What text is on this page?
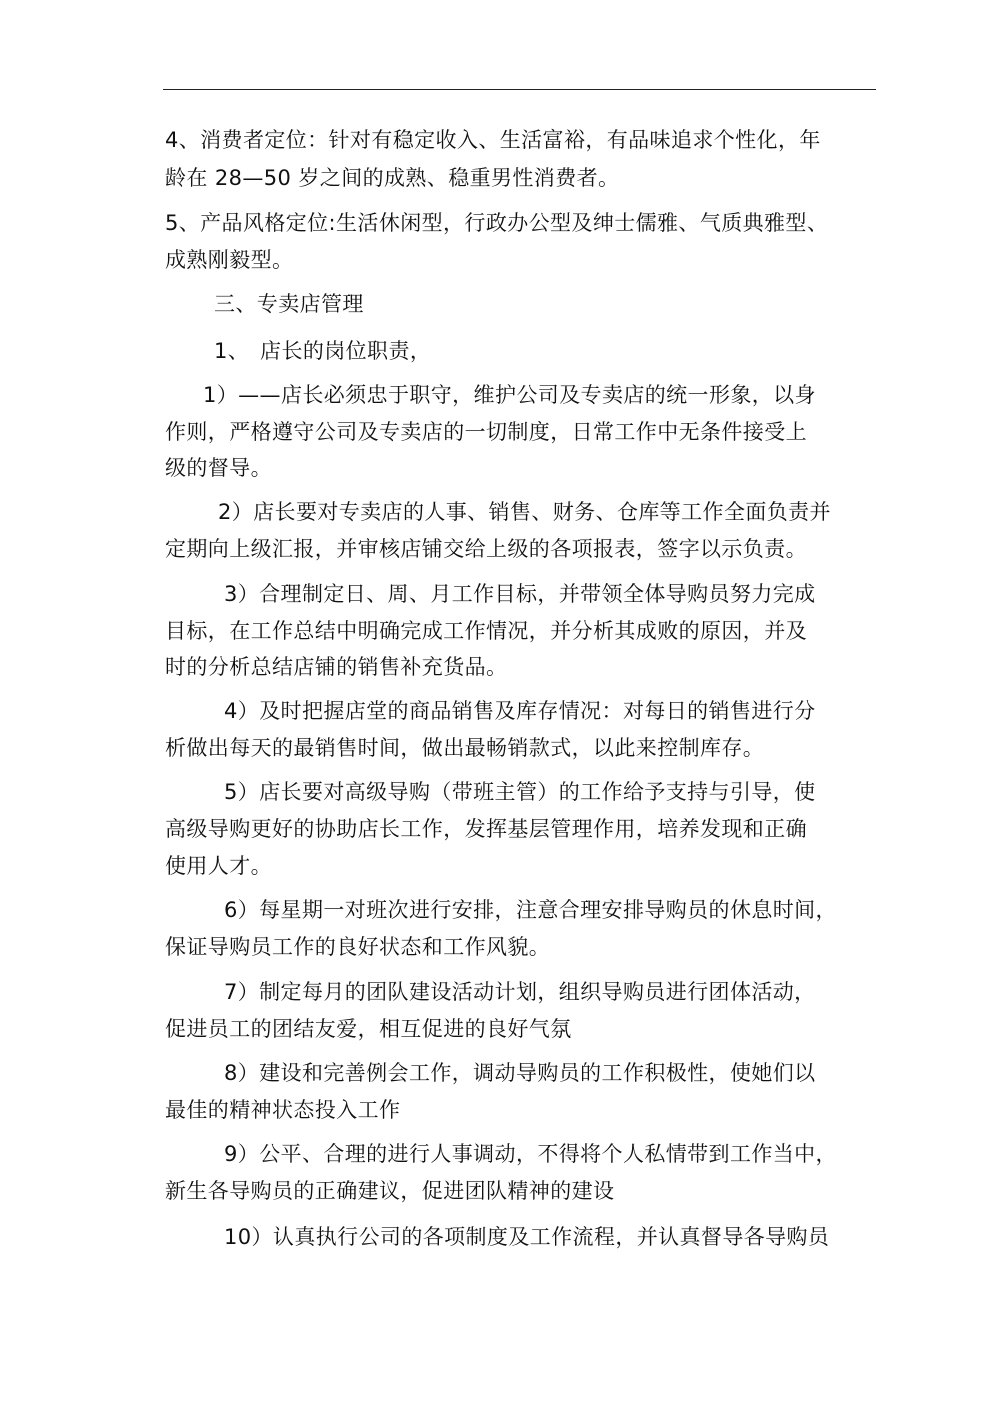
4、消费者定位：针对有稳定收入、生活富裕，有品味追求个性化，年
龄在 28—50 岁之间的成熟、稳重男性消费者。
5、产品风格定位:生活休闲型，行政办公型及绅士儒雅、气质典雅型、
成熟刚毅型。
三、专卖店管理
1、　店长的岗位职责，
1）——店长必须忠于职守，维护公司及专卖店的统一形象，以身
作则，严格遵守公司及专卖店的一切制度，日常工作中无条件接受上
级的督导。
2）店长要对专卖店的人事、销售、财务、仓库等工作全面负责并
定期向上级汇报，并审核店铺交给上级的各项报表，签字以示负责。
3）合理制定日、周、月工作目标，并带领全体导购员努力完成
目标，在工作总结中明确完成工作情况，并分析其成败的原因，并及
时的分析总结店铺的销售补充货品。
4）及时把握店堂的商品销售及库存情况：对每日的销售进行分
析做出每天的最销售时间，做出最畅销款式，以此来控制库存。
5）店长要对高级导购（带班主管）的工作给予支持与引导，使
高级导购更好的协助店长工作，发挥基层管理作用，培养发现和正确
使用人才。
6）每星期一对班次进行安排，注意合理安排导购员的休息时间，
保证导购员工作的良好状态和工作风貌。
7）制定每月的团队建设活动计划，组织导购员进行团体活动，
促进员工的团结友爱，相互促进的良好气氛
8）建设和完善例会工作，调动导购员的工作积极性，使她们以
最佳的精神状态投入工作
9）公平、合理的进行人事调动，不得将个人私情带到工作当中，
新生各导购员的正确建议，促进团队精神的建设
10）认真执行公司的各项制度及工作流程，并认真督导各导购员
